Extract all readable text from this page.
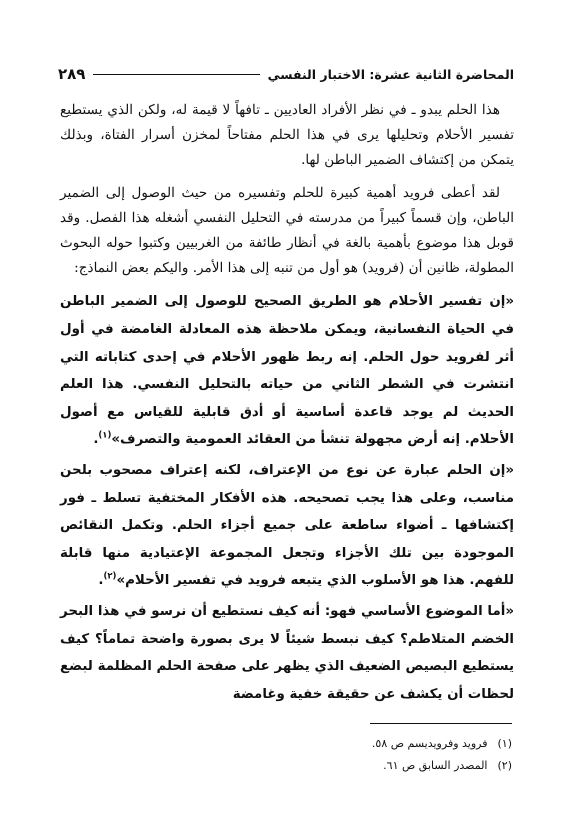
المحاضرة الثانية عشرة: الاختبار النفسي
٢٨٩

هذا الحلم يبدو ـ في نظر الأفراد العاديين ـ تافهاً لا قيمة له، ولكن الذي يستطيع تفسير الأحلام وتحليلها يرى في هذا الحلم مفتاحاً لمخزن أسرار الفتاة، وبذلك يتمكن من إكتشاف الضمير الباطن لها.

لقد أعطى فرويد أهمية كبيرة للحلم وتفسيره من حيث الوصول إلى الضمير الباطن، وإن قسماً كبيراً من مدرسته في التحليل النفسي أشغله هذا الفصل. وقد قوبل هذا موضوع بأهمية بالغة في أنظار طائفة من الغربيين وكتبوا حوله البحوث المطولة، ظانين أن (فرويد) هو أول من تنبه إلى هذا الأمر. واليكم بعض النماذج:

«إن تفسير الأحلام هو الطريق الصحيح للوصول إلى الضمير الباطن في الحياة النفسانية، ويمكن ملاحظة هذه المعادلة الغامضة في أول أثر لفرويد حول الحلم. إنه ربط ظهور الأحلام في إحدى كتاباته التي انتشرت في الشطر الثاني من حياته بالتحليل النفسي. هذا العلم الحديث لم يوجد قاعدة أساسية أو أدق قابلية للقياس مع أصول الأحلام. إنه أرض مجهولة تنشأ من العقائد العمومية والتصرف»$^{(١)}$.

«إن الحلم عبارة عن نوع من الإعتراف، لكنه إعتراف مصحوب بلحن مناسب، وعلى هذا يجب تصحيحه. هذه الأفكار المختفية تسلط ـ فور إكتشافها ـ أضواء ساطعة على جميع أجزاء الحلم. وتكمل النقائص الموجودة بين تلك الأجزاء وتجعل المجموعة الإعتيادية منها قابلة للفهم. هذا هو الأسلوب الذي يتبعه فرويد في تفسير الأحلام»$^{(٢)}$.

«أما الموضوع الأساسي فهو: أنه كيف نستطيع أن نرسو في هذا البحر الخضم المتلاطم؟ كيف نبسط شيئاً لا يرى بصورة واضحة تماماً؟ كيف يستطيع البصيص الضعيف الذي يظهر على صفحة الحلم المظلمة لبضع لحظات أن يكشف عن حقيقة خفية وغامضة

(١)
فرويد وفرويديسم ص ٥٨.
(٢)
المصدر السابق ص ٦١.
